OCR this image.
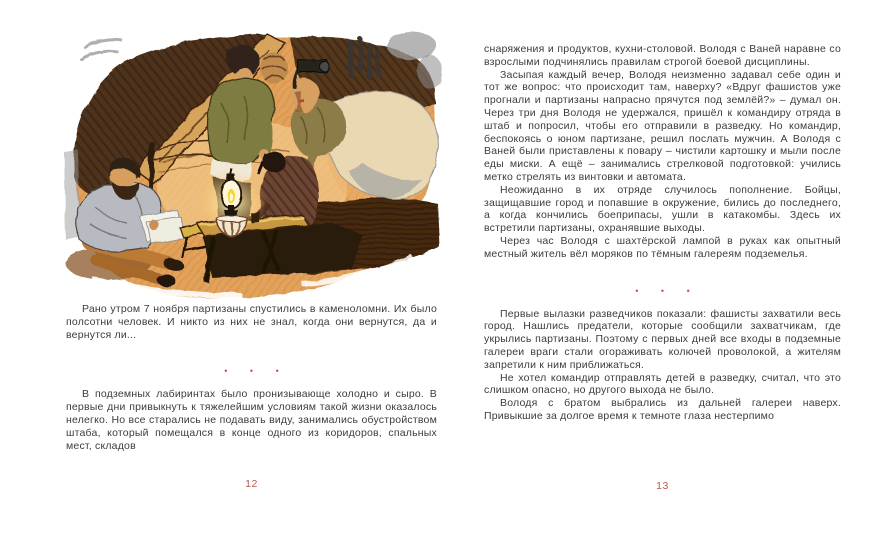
Рано утром 7 ноября партизаны спустились в каменоломни. Их было полсотни человек. И никто из них не знал, когда они вернутся, да и вернутся ли...

• • •

В подземных лабиринтах было пронизывающе холодно и сыро. В первые дни привыкнуть к тяжелейшим условиям такой жизни оказалось нелегко. Но все старались не подавать виду, занимались обустройством штаба, который помещался в конце одного из коридоров, спальных мест, складов

12

снаряжения и продуктов, кухни-столовой. Володя с Ваней наравне со взрослыми подчинялись правилам строгой боевой дисциплины.

Засыпая каждый вечер, Володя неизменно задавал себе один и тот же вопрос: что происходит там, наверху? «Вдруг фашистов уже прогнали и партизаны напрасно прячутся под землёй?» – думал он. Через три дня Володя не удержался, пришёл к командиру отряда в штаб и попросил, чтобы его отправили в разведку. Но командир, беспокоясь о юном партизане, решил послать мужчин. А Володя с Ваней были приставлены к повару – чистили картошку и мыли после еды миски. А ещё – занимались стрелковой подготовкой: учились метко стрелять из винтовки и автомата.

Неожиданно в их отряде случилось пополнение. Бойцы, защищавшие город и попавшие в окружение, бились до последнего, а когда кончились боеприпасы, ушли в катакомбы. Здесь их встретили партизаны, охранявшие выходы.

Через час Володя с шахтёрской лампой в руках как опытный местный житель вёл моряков по тёмным галереям подземелья.

• • •

Первые вылазки разведчиков показали: фашисты захватили весь город. Нашлись предатели, которые сообщили захватчикам, где укрылись партизаны. Поэтому с первых дней все входы в подземные галереи враги стали огораживать колючей проволокой, а жителям запретили к ним приближаться.

Не хотел командир отправлять детей в разведку, считал, что это слишком опасно, но другого выхода не было.

Володя с братом выбрались из дальней галереи наверх. Привыкшие за долгое время к темноте глаза нестерпимо

13
